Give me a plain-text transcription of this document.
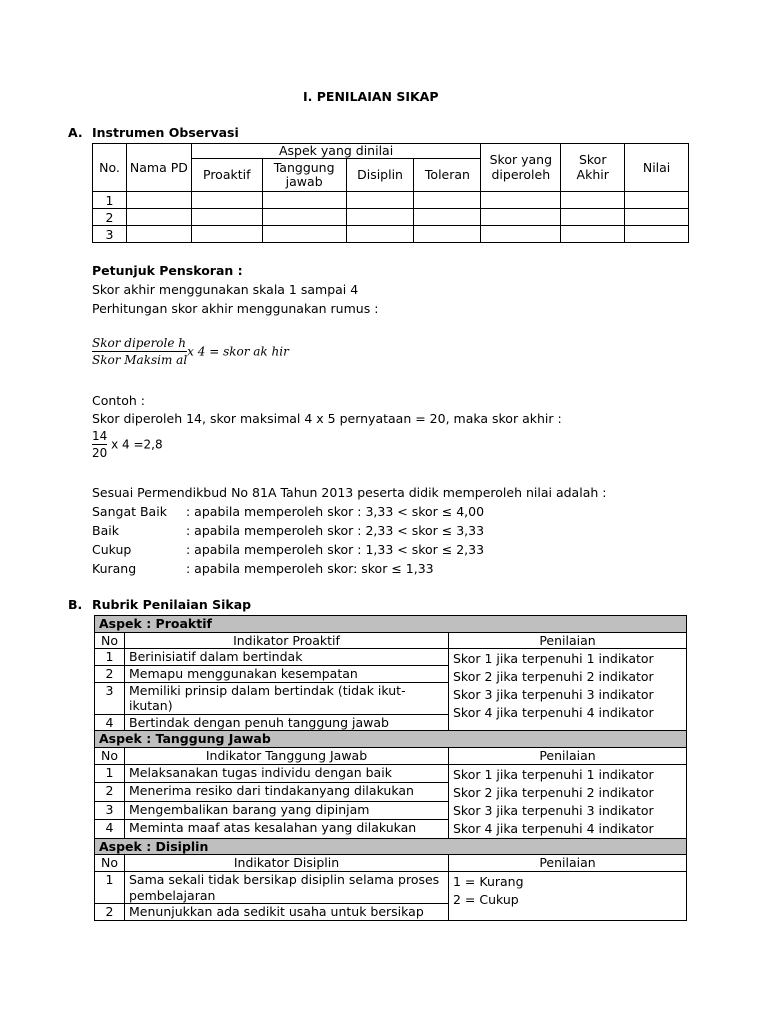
I. PENILAIAN SIKAP
A. Instrumen Observasi
No.	Nama PD	Aspek yang dinilai				Skor yang diperoleh	Skor Akhir	Nilai
		Proaktif	Tanggung jawab	Disiplin	Toleran			
1								
2								
3								
Petunjuk Penskoran :
Skor akhir menggunakan skala 1 sampai 4
Perhitungan skor akhir menggunakan rumus :
$\frac{\text{Skor diperole h}}{\text{Skor Maksim al}}$ x 4 = skor ak hir
Contoh :
Skor diperoleh 14, skor maksimal 4 x 5 pernyataan = 20, maka skor akhir :
$\frac{14}{20}$ x 4 =2,8
Sesuai Permendikbud No 81A Tahun 2013 peserta didik memperoleh nilai adalah :
Sangat Baik : apabila memperoleh skor : 3,33 < skor ≤ 4,00
Baik	: apabila memperoleh skor : 2,33 < skor ≤ 3,33
Cukup	: apabila memperoleh skor : 1,33 < skor ≤ 2,33
Kurang	: apabila memperoleh skor: skor ≤ 1,33
B. Rubrik Penilaian Sikap
Aspek : Proaktif		
No	Indikator Proaktif	Penilaian
1	Berinisiatif dalam bertindak	Skor 1 jika terpenuhi 1 indikator
Skor 2 jika terpenuhi 2 indikator
Skor 3 jika terpenuhi 3 indikator
Skor 4 jika terpenuhi 4 indikator

2	Memapu menggunakan kesempatan	
3	Memiliki prinsip dalam bertindak (tidak ikut-ikutan)	
4	Bertindak dengan penuh tanggung jawab	
Aspek : Tanggung Jawab		
No	Indikator Tanggung Jawab	Penilaian
1	Melaksanakan tugas individu dengan baik	Skor 1 jika terpenuhi 1 indikator
Skor 2 jika terpenuhi 2 indikator
Skor 3 jika terpenuhi 3 indikator
Skor 4 jika terpenuhi 4 indikator

2	Menerima resiko dari tindakanyang dilakukan	
3	Mengembalikan barang yang dipinjam	
4	Meminta maaf atas kesalahan yang dilakukan	
Aspek : Disiplin		
No	Indikator Disiplin	Penilaian
1	Sama sekali tidak bersikap disiplin selama proses pembelajaran	1 = Kurang
2 = Cukup

2	Menunjukkan ada sedikit usaha untuk bersikap	
